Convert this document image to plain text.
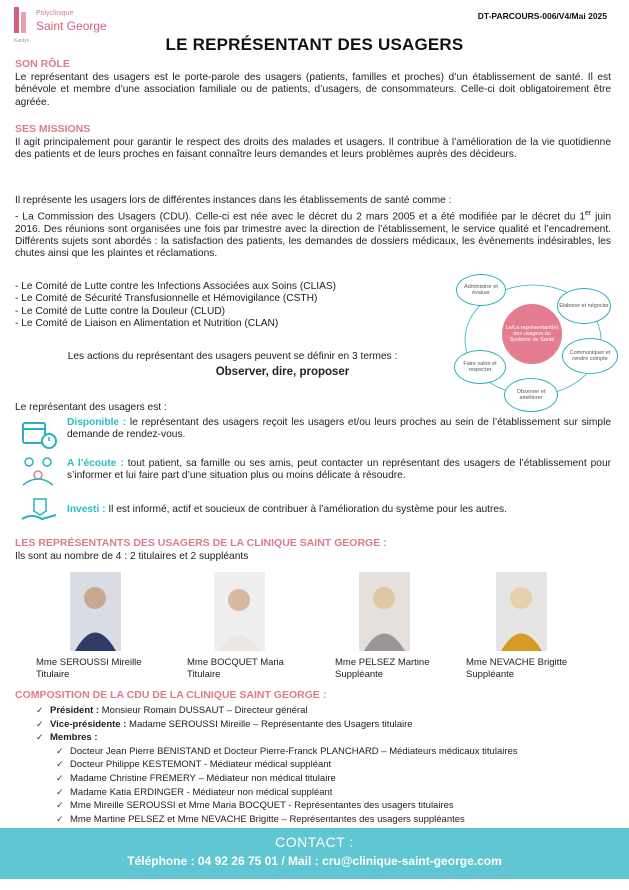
Polyclinique
Saint George
Kantys
DT-PARCOURS-006/V4/Mai 2025
LE REPRÉSENTANT DES USAGERS
SON RÔLE
Le représentant des usagers est le porte-parole des usagers (patients, familles et proches) d’un établissement de santé. Il est bénévole et membre d’une association familiale ou de patients, d’usagers, de consommateurs. Celle-ci doit obligatoirement être agréée.
SES MISSIONS
Il agit principalement pour garantir le respect des droits des malades et usagers. Il contribue à l’amélioration de la vie quotidienne des patients et de leurs proches en faisant connaître leurs demandes et leurs problèmes auprès des décideurs.
Il représente les usagers lors de différentes instances dans les établissements de santé comme :
- La Commission des Usagers (CDU). Celle-ci est née avec le décret du 2 mars 2005 et a été modifiée par le décret du 1er juin 2016. Des réunions sont organisées une fois par trimestre avec la direction de l’établissement, le service qualité et l’encadrement. Différents sujets sont abordés : la satisfaction des patients, les demandes de dossiers médicaux, les évènements indésirables, les chutes ainsi que les plaintes et réclamations.
- Le Comité de Lutte contre les Infections Associées aux Soins (CLIAS)
- Le Comité de Sécurité Transfusionnelle et Hémovigilance (CSTH)
- Le Comité de Lutte contre la Douleur (CLUD)
- Le Comité de Liaison en Alimentation et Nutrition (CLAN)
Les actions du représentant des usagers peuvent se définir en 3 termes :
Observer, dire, proposer
Le/La représentant(e) des usagers du Système de Santé
Administrer et évaluer
Elaborer et négocier
Communiquer et rendre compte
Observer et améliorer
Faire valoir et respecter
Le représentant des usagers est :
Disponible : le représentant des usagers reçoit les usagers et/ou leurs proches au sein de l’établissement sur simple demande de rendez-vous.
A l’écoute : tout patient, sa famille ou ses amis, peut contacter un représentant des usagers de l’établissement pour s’informer et lui faire part d’une situation plus ou moins délicate à résoudre.
Investi : Il est informé, actif et soucieux de contribuer à l’amélioration du système pour les autres.
LES REPRÉSENTANTS DES USAGERS DE LA CLINIQUE SAINT GEORGE :
Ils sont au nombre de 4 : 2 titulaires et 2 suppléants
Mme SEROUSSI Mireille
Titulaire
Mme BOCQUET Maria
Titulaire
Mme PELSEZ Martine
Suppléante
Mme NEVACHE Brigitte
Suppléante
COMPOSITION DE LA CDU DE LA CLINIQUE SAINT GEORGE :
✓ Président : Monsieur Romain DUSSAUT – Directeur général
✓ Vice-présidente : Madame SEROUSSI Mireille – Représentante des Usagers titulaire
✓ Membres :
✓ Docteur Jean Pierre BENISTAND et Docteur Pierre-Franck PLANCHARD – Médiateurs médicaux titulaires
✓ Docteur Philippe KESTEMONT - Médiateur médical suppléant
✓ Madame Christine FREMERY – Médiateur non médical titulaire
✓ Madame Katia ERDINGER - Médiateur non médical suppléant
✓ Mme Mireille SEROUSSI et Mme Maria BOCQUET - Représentantes des usagers titulaires
✓ Mme Martine PELSEZ et Mme NEVACHE Brigitte – Représentantes des usagers suppléantes
CONTACT :
Téléphone : 04 92 26 75 01 / Mail : cru@clinique-saint-george.com
